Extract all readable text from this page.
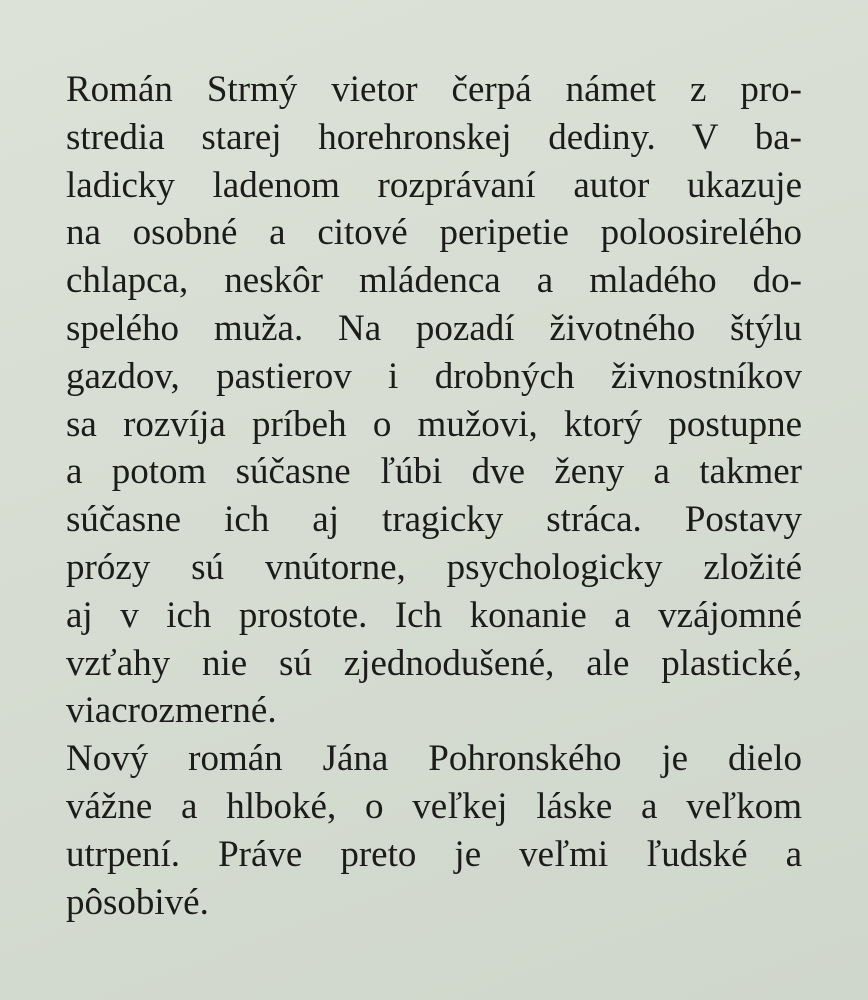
Román Strmý vietor čerpá námet z pro-
stredia starej horehronskej dediny. V ba-
ladicky ladenom rozprávaní autor ukazuje
na osobné a citové peripetie poloosirelého
chlapca, neskôr mládenca a mladého do-
spelého muža. Na pozadí životného štýlu
gazdov, pastierov i drobných živnostníkov
sa rozvíja príbeh o mužovi, ktorý postupne
a potom súčasne ľúbi dve ženy a takmer
súčasne ich aj tragicky stráca. Postavy
prózy sú vnútorne, psychologicky zložité
aj v ich prostote. Ich konanie a vzájomné
vzťahy nie sú zjednodušené, ale plastické,
viacrozmerné.
Nový román Jána Pohronského je dielo
vážne a hlboké, o veľkej láske a veľkom
utrpení. Práve preto je veľmi ľudské a
pôsobivé.
